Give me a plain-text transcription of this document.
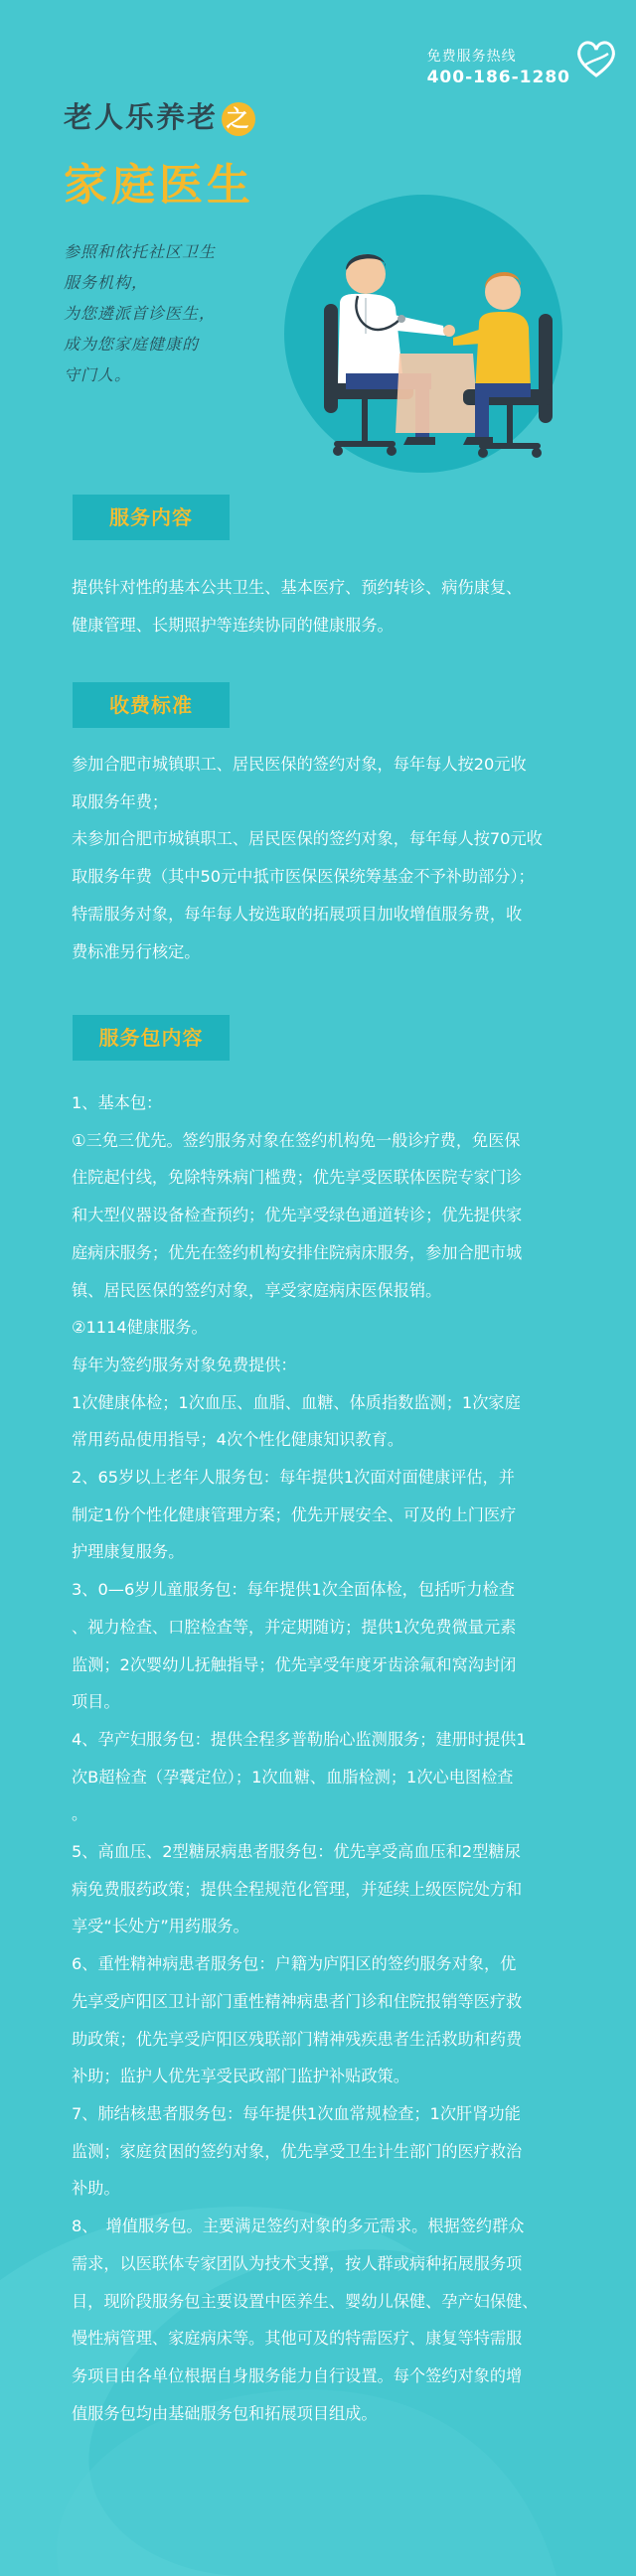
免费服务热线
400-186-1280
老人乐养老 之
家庭医生
参照和依托社区卫生
服务机构，
为您遴派首诊医生，
成为您家庭健康的
守门人。
服务内容

提供针对性的基本公共卫生、基本医疗、预约转诊、病伤康复、

健康管理、长期照护等连续协同的健康服务。

收费标准

参加合肥市城镇职工、居民医保的签约对象，每年每人按20元收

取服务年费；

未参加合肥市城镇职工、居民医保的签约对象，每年每人按70元收

取服务年费（其中50元中抵市医保医保统筹基金不予补助部分）；

特需服务对象，每年每人按选取的拓展项目加收增值服务费，收

费标准另行核定。

服务包内容

1、基本包：

①三免三优先。签约服务对象在签约机构免一般诊疗费，免医保

住院起付线，免除特殊病门槛费；优先享受医联体医院专家门诊

和大型仪器设备检查预约；优先享受绿色通道转诊；优先提供家

庭病床服务；优先在签约机构安排住院病床服务，参加合肥市城

镇、居民医保的签约对象，享受家庭病床医保报销。

②1114健康服务。

每年为签约服务对象免费提供：

1次健康体检；1次血压、血脂、血糖、体质指数监测；1次家庭

常用药品使用指导；4次个性化健康知识教育。

2、65岁以上老年人服务包：每年提供1次面对面健康评估，并

制定1份个性化健康管理方案；优先开展安全、可及的上门医疗

护理康复服务。

3、0—6岁儿童服务包：每年提供1次全面体检，包括听力检查

、视力检查、口腔检查等，并定期随访；提供1次免费微量元素

监测；2次婴幼儿抚触指导；优先享受年度牙齿涂氟和窝沟封闭

项目。

4、孕产妇服务包：提供全程多普勒胎心监测服务；建册时提供1

次B超检查（孕囊定位）；1次血糖、血脂检测；1次心电图检查

。

5、高血压、2型糖尿病患者服务包：优先享受高血压和2型糖尿

病免费服药政策；提供全程规范化管理，并延续上级医院处方和

享受“长处方”用药服务。

6、重性精神病患者服务包：户籍为庐阳区的签约服务对象，优

先享受庐阳区卫计部门重性精神病患者门诊和住院报销等医疗救

助政策；优先享受庐阳区残联部门精神残疾患者生活救助和药费

补助；监护人优先享受民政部门监护补贴政策。

7、肺结核患者服务包：每年提供1次血常规检查；1次肝肾功能

监测；家庭贫困的签约对象，优先享受卫生计生部门的医疗救治

补助。

8、　增值服务包。主要满足签约对象的多元需求。根据签约群众

需求，以医联体专家团队为技术支撑，按人群或病种拓展服务项

目，现阶段服务包主要设置中医养生、婴幼儿保健、孕产妇保健、

慢性病管理、家庭病床等。其他可及的特需医疗、康复等特需服

务项目由各单位根据自身服务能力自行设置。每个签约对象的增

值服务包均由基础服务包和拓展项目组成。
